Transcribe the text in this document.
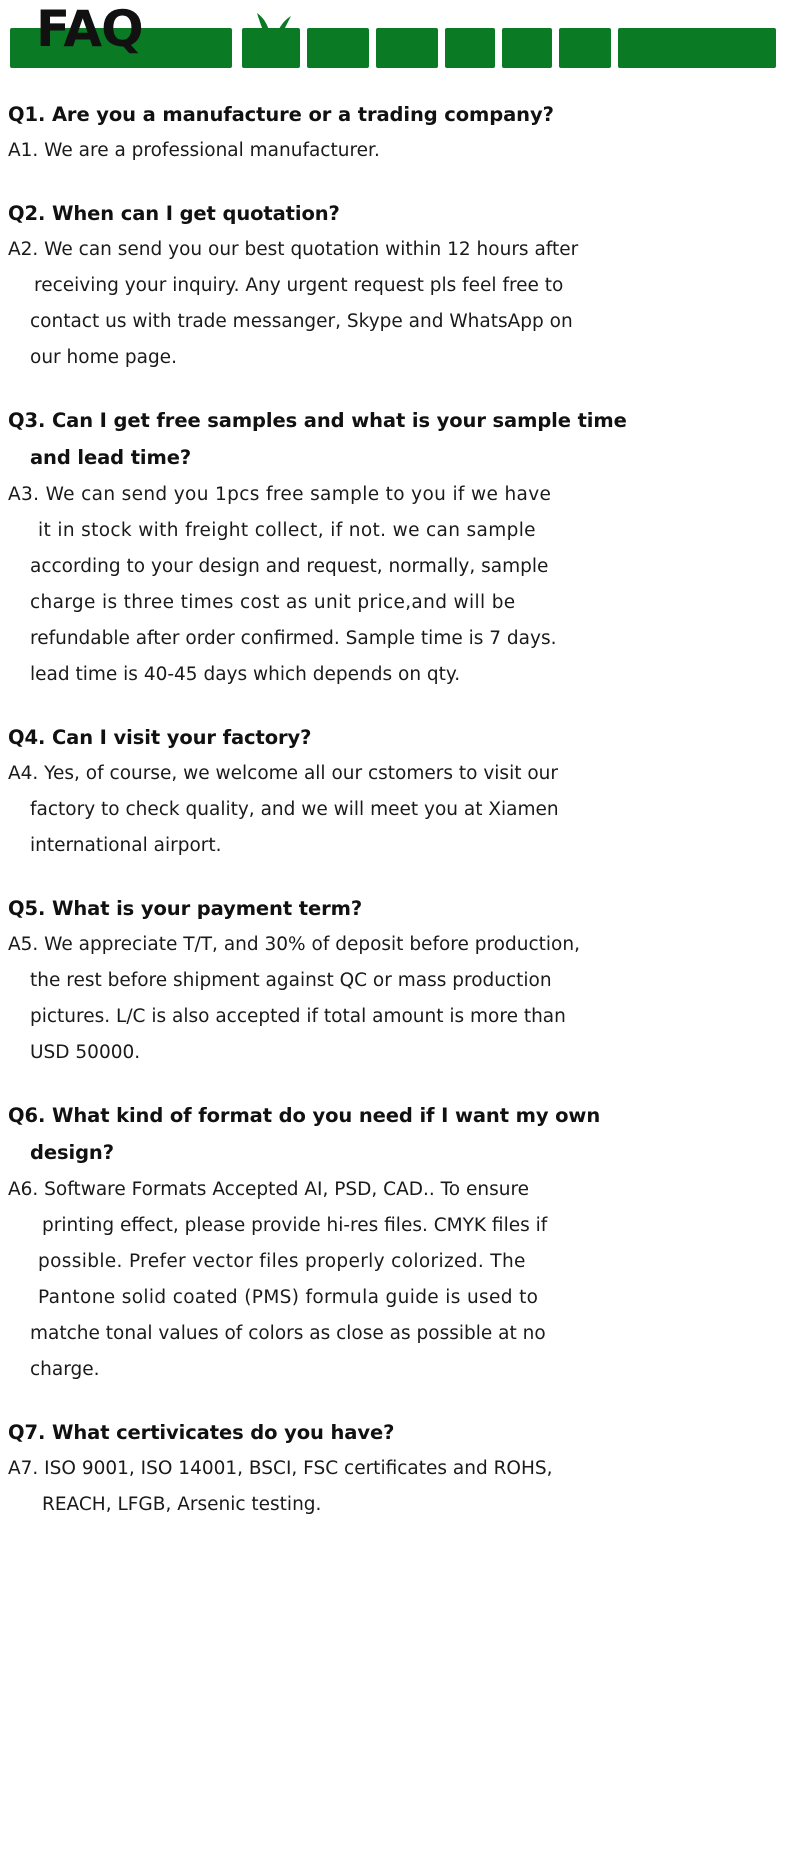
FAQ
Q1. Are you a manufacture or a trading company?
A1. We are a professional manufacturer.
Q2. When can I get quotation?
A2. We can send you our best quotation within 12 hours after
receiving your inquiry. Any urgent request pls feel free to
contact us with trade messanger, Skype and WhatsApp on
our home page.
Q3. Can I get free samples and what is your sample time
and lead time?
A3. We can send you 1pcs free sample to you if we have
it in stock with freight collect, if not. we can sample
according to your design and request, normally, sample
charge is three times cost as unit price,and will be
refundable after order confirmed. Sample time is 7 days.
lead time is 40-45 days which depends on qty.
Q4. Can I visit your factory?
A4. Yes, of course, we welcome all our cstomers to visit our
factory to check quality, and we will meet you at Xiamen
international airport.
Q5. What is your payment term?
A5. We appreciate T/T, and 30% of deposit before production,
the rest before shipment against QC or mass production
pictures. L/C is also accepted if total amount is more than
USD 50000.
Q6. What kind of format do you need if I want my own
design?
A6. Software Formats Accepted AI, PSD, CAD.. To ensure
printing effect, please provide hi-res files. CMYK files if
possible. Prefer vector files properly colorized. The
Pantone solid coated (PMS) formula guide is used to
matche tonal values of colors as close as possible at no
charge.
Q7. What certivicates do you have?
A7. ISO 9001, ISO 14001, BSCI, FSC certificates and ROHS,
REACH, LFGB, Arsenic testing.
